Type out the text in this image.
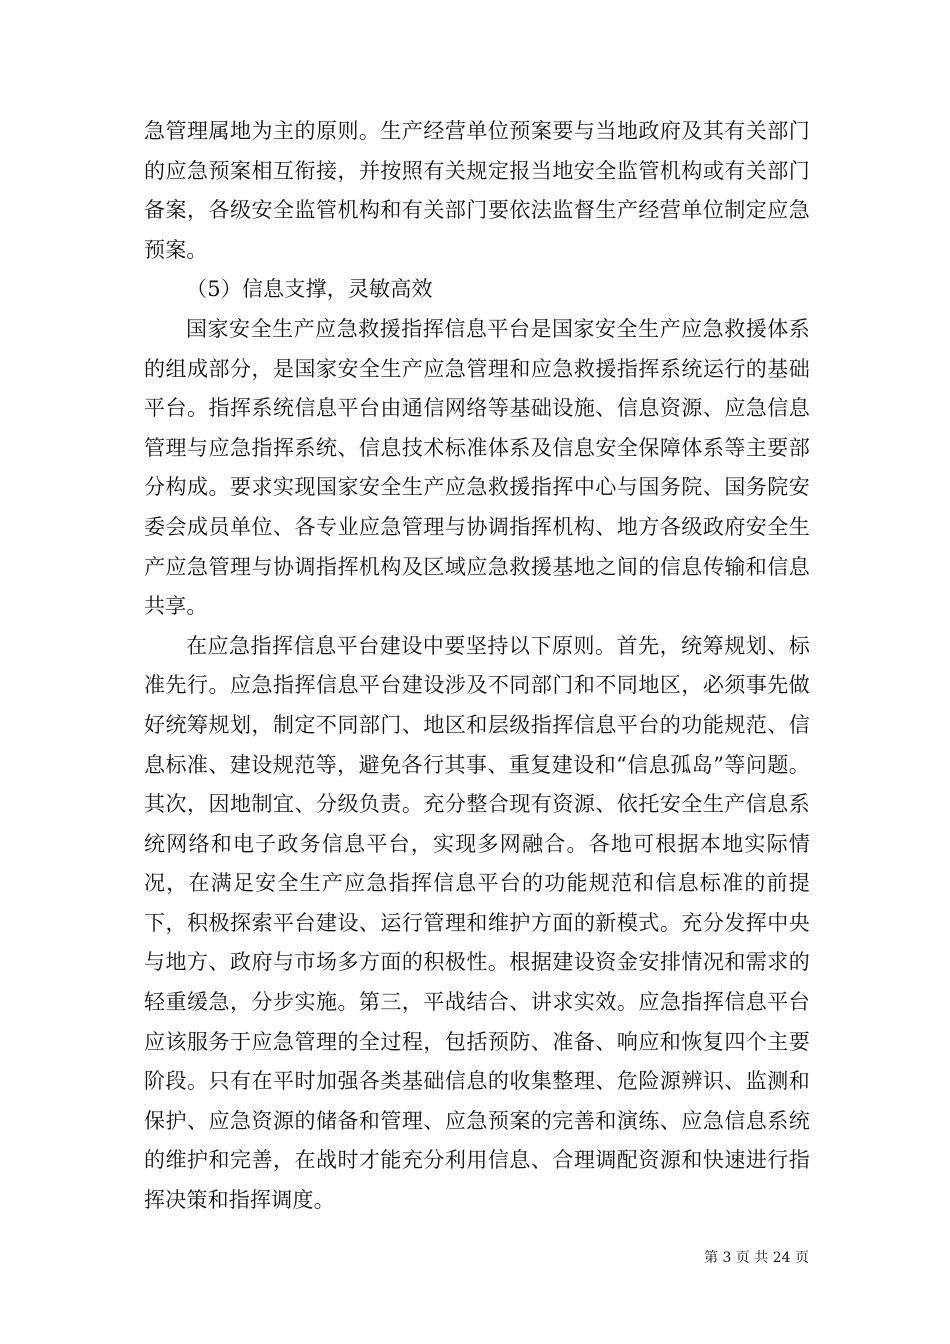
急管理属地为主的原则。生产经营单位预案要与当地政府及其有关部门的应急预案相互衔接，并按照有关规定报当地安全监管机构或有关部门备案，各级安全监管机构和有关部门要依法监督生产经营单位制定应急预案。

（5）信息支撑，灵敏高效

国家安全生产应急救援指挥信息平台是国家安全生产应急救援体系的组成部分，是国家安全生产应急管理和应急救援指挥系统运行的基础平台。指挥系统信息平台由通信网络等基础设施、信息资源、应急信息管理与应急指挥系统、信息技术标准体系及信息安全保障体系等主要部分构成。要求实现国家安全生产应急救援指挥中心与国务院、国务院安委会成员单位、各专业应急管理与协调指挥机构、地方各级政府安全生产应急管理与协调指挥机构及区域应急救援基地之间的信息传输和信息共享。

在应急指挥信息平台建设中要坚持以下原则。首先，统筹规划、标准先行。应急指挥信息平台建设涉及不同部门和不同地区，必须事先做好统筹规划，制定不同部门、地区和层级指挥信息平台的功能规范、信息标准、建设规范等，避免各行其事、重复建设和“信息孤岛”等问题。其次，因地制宜、分级负责。充分整合现有资源、依托安全生产信息系统网络和电子政务信息平台，实现多网融合。各地可根据本地实际情况，在满足安全生产应急指挥信息平台的功能规范和信息标准的前提下，积极探索平台建设、运行管理和维护方面的新模式。充分发挥中央与地方、政府与市场多方面的积极性。根据建设资金安排情况和需求的轻重缓急，分步实施。第三，平战结合、讲求实效。应急指挥信息平台应该服务于应急管理的全过程，包括预防、准备、响应和恢复四个主要阶段。只有在平时加强各类基础信息的收集整理、危险源辨识、监测和保护、应急资源的储备和管理、应急预案的完善和演练、应急信息系统的维护和完善，在战时才能充分利用信息、合理调配资源和快速进行指挥决策和指挥调度。

第 3 页 共 24 页
